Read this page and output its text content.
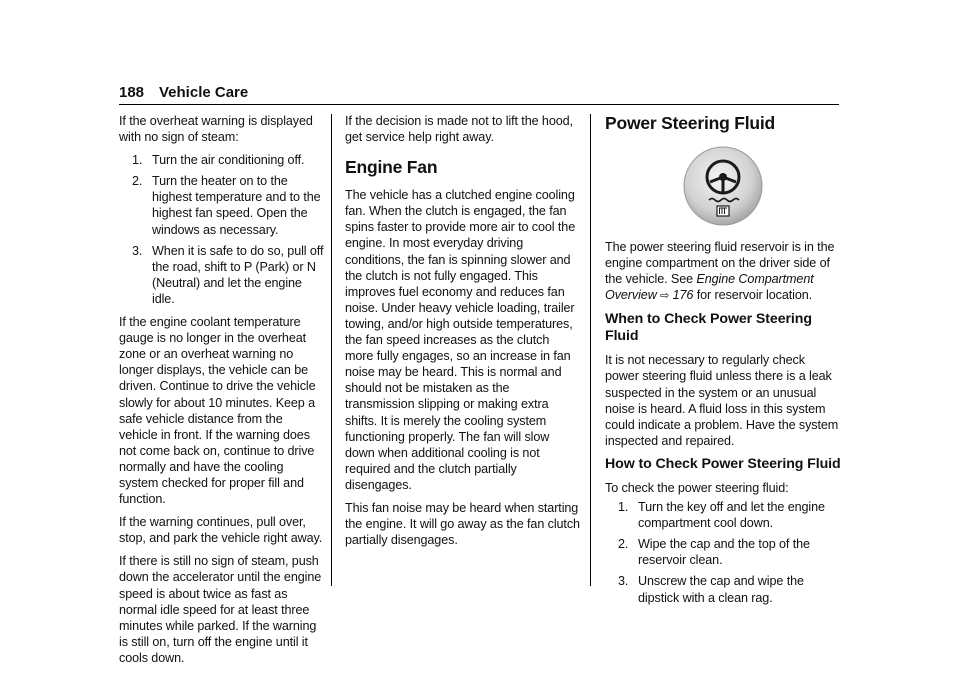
188 Vehicle Care

If the overheat warning is displayed with no sign of steam:

1. Turn the air conditioning off.
2. Turn the heater on to the highest temperature and to the highest fan speed. Open the windows as necessary.
3. When it is safe to do so, pull off the road, shift to P (Park) or N (Neutral) and let the engine idle.

If the engine coolant temperature gauge is no longer in the overheat zone or an overheat warning no longer displays, the vehicle can be driven. Continue to drive the vehicle slowly for about 10 minutes. Keep a safe vehicle distance from the vehicle in front. If the warning does not come back on, continue to drive normally and have the cooling system checked for proper fill and function.

If the warning continues, pull over, stop, and park the vehicle right away.

If there is still no sign of steam, push down the accelerator until the engine speed is about twice as fast as normal idle speed for at least three minutes while parked. If the warning is still on, turn off the engine until it cools down.

If the decision is made not to lift the hood, get service help right away.

Engine Fan

The vehicle has a clutched engine cooling fan. When the clutch is engaged, the fan spins faster to provide more air to cool the engine. In most everyday driving conditions, the fan is spinning slower and the clutch is not fully engaged. This improves fuel economy and reduces fan noise. Under heavy vehicle loading, trailer towing, and/or high outside temperatures, the fan speed increases as the clutch more fully engages, so an increase in fan noise may be heard. This is normal and should not be mistaken as the transmission slipping or making extra shifts. It is merely the cooling system functioning properly. The fan will slow down when additional cooling is not required and the clutch partially disengages.

This fan noise may be heard when starting the engine. It will go away as the fan clutch partially disengages.

Power Steering Fluid

The power steering fluid reservoir is in the engine compartment on the driver side of the vehicle. See Engine Compartment Overview ⇨ 176 for reservoir location.

When to Check Power Steering Fluid

It is not necessary to regularly check power steering fluid unless there is a leak suspected in the system or an unusual noise is heard. A fluid loss in this system could indicate a problem. Have the system inspected and repaired.

How to Check Power Steering Fluid

To check the power steering fluid:

1. Turn the key off and let the engine compartment cool down.
2. Wipe the cap and the top of the reservoir clean.
3. Unscrew the cap and wipe the dipstick with a clean rag.
